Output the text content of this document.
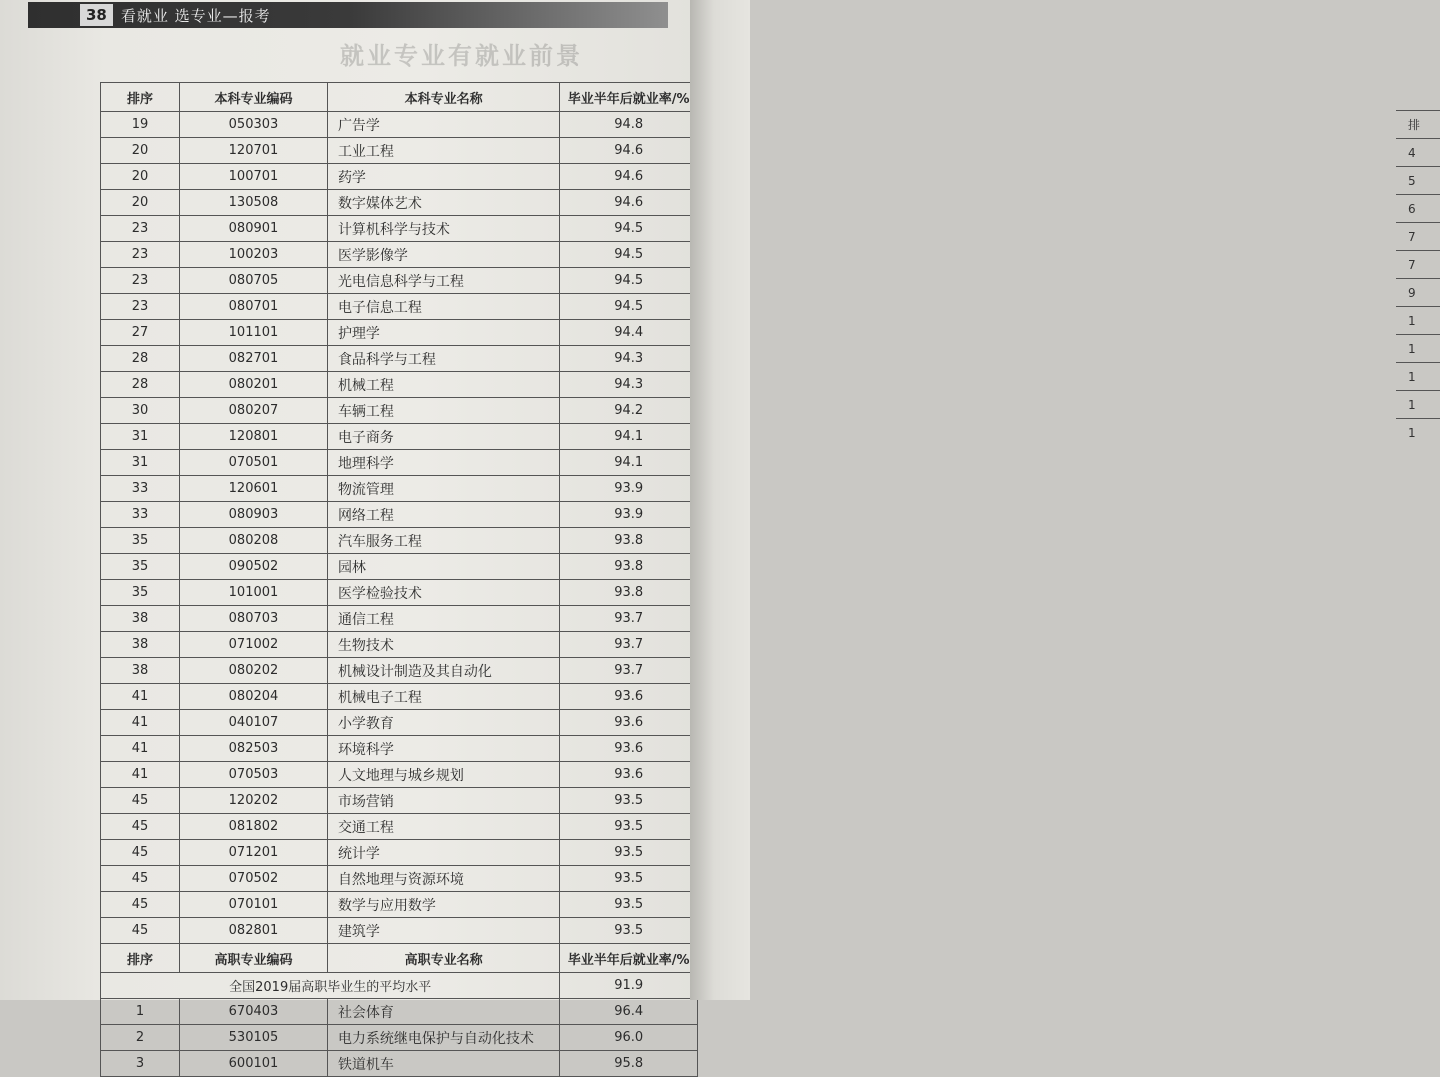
38 看就业 选专业—报考
就业专业有就业前景
排序	本科专业编码	本科专业名称	毕业半年后就业率/%
19	050303	广告学	94.8
20	120701	工业工程	94.6
20	100701	药学	94.6
20	130508	数字媒体艺术	94.6
23	080901	计算机科学与技术	94.5
23	100203	医学影像学	94.5
23	080705	光电信息科学与工程	94.5
23	080701	电子信息工程	94.5
27	101101	护理学	94.4
28	082701	食品科学与工程	94.3
28	080201	机械工程	94.3
30	080207	车辆工程	94.2
31	120801	电子商务	94.1
31	070501	地理科学	94.1
33	120601	物流管理	93.9
33	080903	网络工程	93.9
35	080208	汽车服务工程	93.8
35	090502	园林	93.8
35	101001	医学检验技术	93.8
38	080703	通信工程	93.7
38	071002	生物技术	93.7
38	080202	机械设计制造及其自动化	93.7
41	080204	机械电子工程	93.6
41	040107	小学教育	93.6
41	082503	环境科学	93.6
41	070503	人文地理与城乡规划	93.6
45	120202	市场营销	93.5
45	081802	交通工程	93.5
45	071201	统计学	93.5
45	070502	自然地理与资源环境	93.5
45	070101	数学与应用数学	93.5
45	082801	建筑学	93.5
排序	高职专业编码	高职专业名称	毕业半年后就业率/%
全国2019届高职毕业生的平均水平			91.9
1	670403	社会体育	96.4
2	530105	电力系统继电保护与自动化技术	96.0
3	600101	铁道机车	95.8
排
4
5
6
7
7
9
1
1
1
1
1
